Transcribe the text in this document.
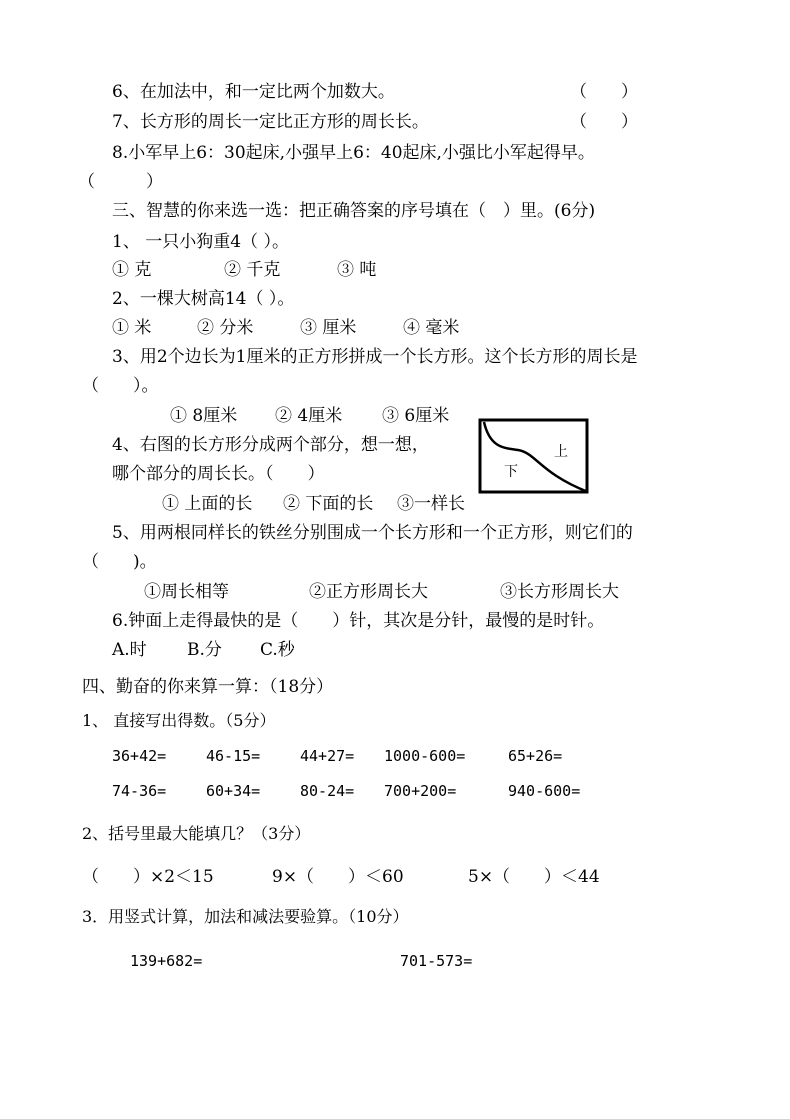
6、在加法中，和一定比两个加数大。	（　　）
7、长方形的周长一定比正方形的周长长。	（　　）
8.小军早上6：30起床,小强早上6：40起床,小强比小军起得早。
（　　　）
三、智慧的你来选一选：把正确答案的序号填在（　）里。(6分)
1、 一只小狗重4（ ）。
① 克	② 千克	③ 吨
2、一棵大树高14（ ）。
① 米	② 分米	③ 厘米	④ 毫米
3、用2个边长为1厘米的正方形拼成一个长方形。这个长方形的周长是
（　　）。
① 8厘米 ② 4厘米 ③ 6厘米
4、右图的长方形分成两个部分，想一想，
哪个部分的周长长。（　　）
① 上面的长 ② 下面的长 ③一样长
上
下
5、用两根同样长的铁丝分别围成一个长方形和一个正方形，则它们的
（　　)。
①周长相等	②正方形周长大	③长方形周长大
6.钟面上走得最快的是（　　）针，其次是分针，最慢的是时针。
A.时 B.分 C.秒
四、勤奋的你来算一算：（18分）
1、 直接写出得数。（5分）
36+42=	46-15=	44+27= 1000-600=	65+26=
74-36=	60+34=	80-24= 700+200=	940-600=
2、括号里最大能填几？（3分）
（　　）×2＜15	9×（　　）＜60	5×（　　）＜44
3．用竖式计算，加法和减法要验算。（10分）
139+682=	701-573=
